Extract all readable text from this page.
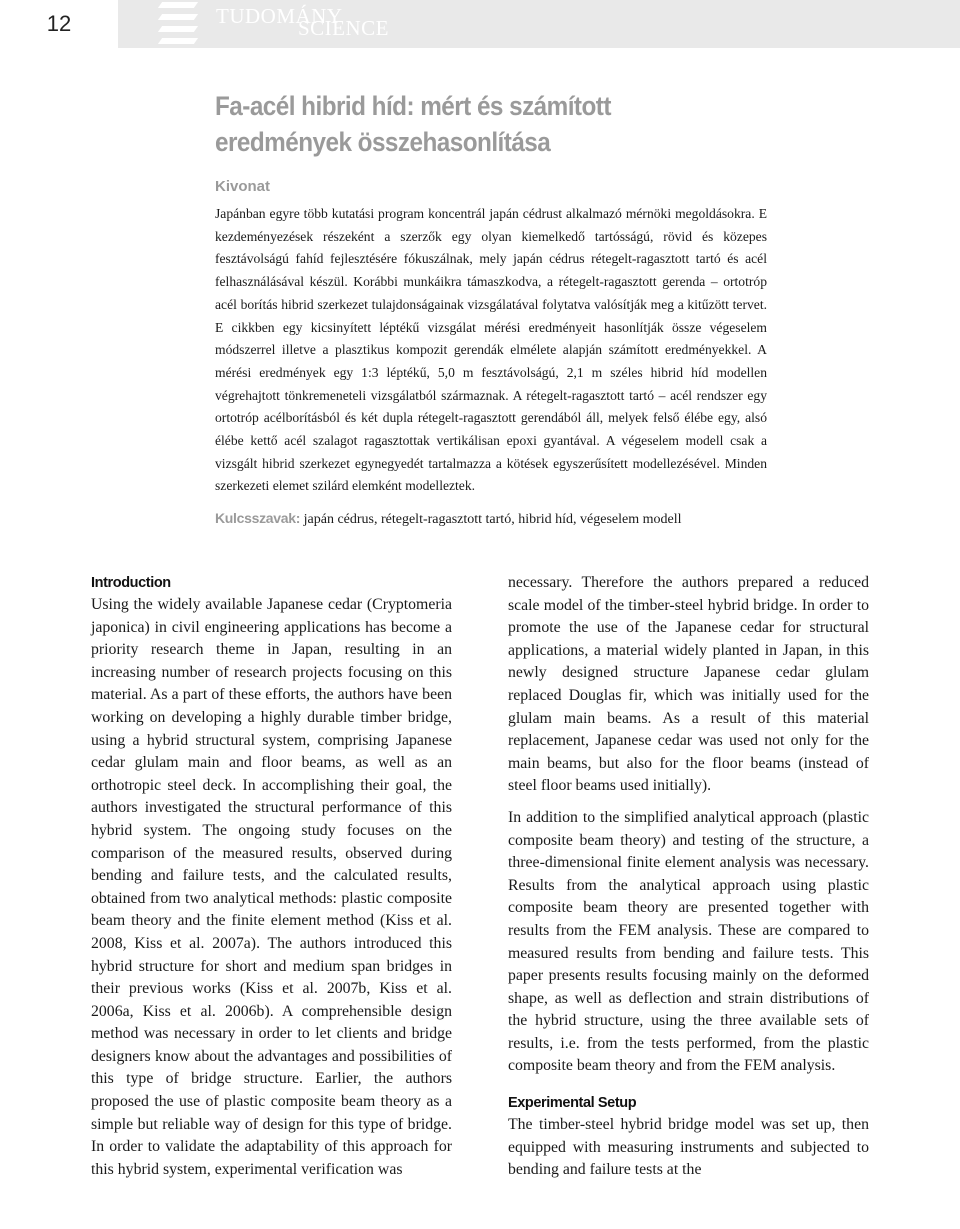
12	TUDOMÁNY
SCIENCE
Fa-acél hibrid híd: mért és számított eredmények összehasonlítása
Kivonat

Japánban egyre több kutatási program koncentrál japán cédrust alkalmazó mérnöki megoldásokra. E kezdeményezések részeként a szerzők egy olyan kiemelkedő tartósságú, rövid és közepes fesztávolságú fahíd fejlesztésére fókuszálnak, mely japán cédrus rétegelt-ragasztott tartó és acél felhasználásával készül. Korábbi munkáikra támaszkodva, a rétegelt-ragasztott gerenda – ortotróp acél borítás hibrid szerkezet tulajdonságainak vizsgálatával folytatva valósítják meg a kitűzött tervet. E cikkben egy kicsinyített léptékű vizsgálat mérési eredményeit hasonlítják össze végeselem módszerrel illetve a plasztikus kompozit gerendák elmélete alapján számított eredményekkel. A mérési eredmények egy 1:3 léptékű, 5,0 m fesztávolságú, 2,1 m széles hibrid híd modellen végrehajtott tönkremeneteli vizsgálatból származnak. A rétegelt-ragasztott tartó – acél rendszer egy ortotróp acélborításból és két dupla rétegelt-ragasztott gerendából áll, melyek felső élébe egy, alsó élébe kettő acél szalagot ragasztottak vertikálisan epoxi gyantával. A végeselem modell csak a vizsgált hibrid szerkezet egynegyedét tartalmazza a kötések egyszerűsített modellezésével. Minden szerkezeti elemet szilárd elemként modelleztek.

Kulcsszavak: japán cédrus, rétegelt-ragasztott tartó, hibrid híd, végeselem modell
Introduction

Using the widely available Japanese cedar (Cryptomeria japonica) in civil engineering applications has become a priority research theme in Japan, resulting in an increasing number of research projects focusing on this material. As a part of these efforts, the authors have been working on developing a highly durable timber bridge, using a hybrid structural system, comprising Japanese cedar glulam main and floor beams, as well as an orthotropic steel deck. In accomplishing their goal, the authors investigated the structural performance of this hybrid system. The ongoing study focuses on the comparison of the measured results, observed during bending and failure tests, and the calculated results, obtained from two analytical methods: plastic composite beam theory and the finite element method (Kiss et al. 2008, Kiss et al. 2007a). The authors introduced this hybrid structure for short and medium span bridges in their previous works (Kiss et al. 2007b, Kiss et al. 2006a, Kiss et al. 2006b). A comprehensible design method was necessary in order to let clients and bridge designers know about the advantages and possibilities of this type of bridge structure. Earlier, the authors proposed the use of plastic composite beam theory as a simple but reliable way of design for this type of bridge. In order to validate the adaptability of this approach for this hybrid system, experimental verification was

necessary. Therefore the authors prepared a reduced scale model of the timber-steel hybrid bridge. In order to promote the use of the Japanese cedar for structural applications, a material widely planted in Japan, in this newly designed structure Japanese cedar glulam replaced Douglas fir, which was initially used for the glulam main beams. As a result of this material replacement, Japanese cedar was used not only for the main beams, but also for the floor beams (instead of steel floor beams used initially).

In addition to the simplified analytical approach (plastic composite beam theory) and testing of the structure, a three-dimensional finite element analysis was necessary. Results from the analytical approach using plastic composite beam theory are presented together with results from the FEM analysis. These are compared to measured results from bending and failure tests. This paper presents results focusing mainly on the deformed shape, as well as deflection and strain distributions of the hybrid structure, using the three available sets of results, i.e. from the tests performed, from the plastic composite beam theory and from the FEM analysis.

Experimental Setup

The timber-steel hybrid bridge model was set up, then equipped with measuring instruments and subjected to bending and failure tests at the
